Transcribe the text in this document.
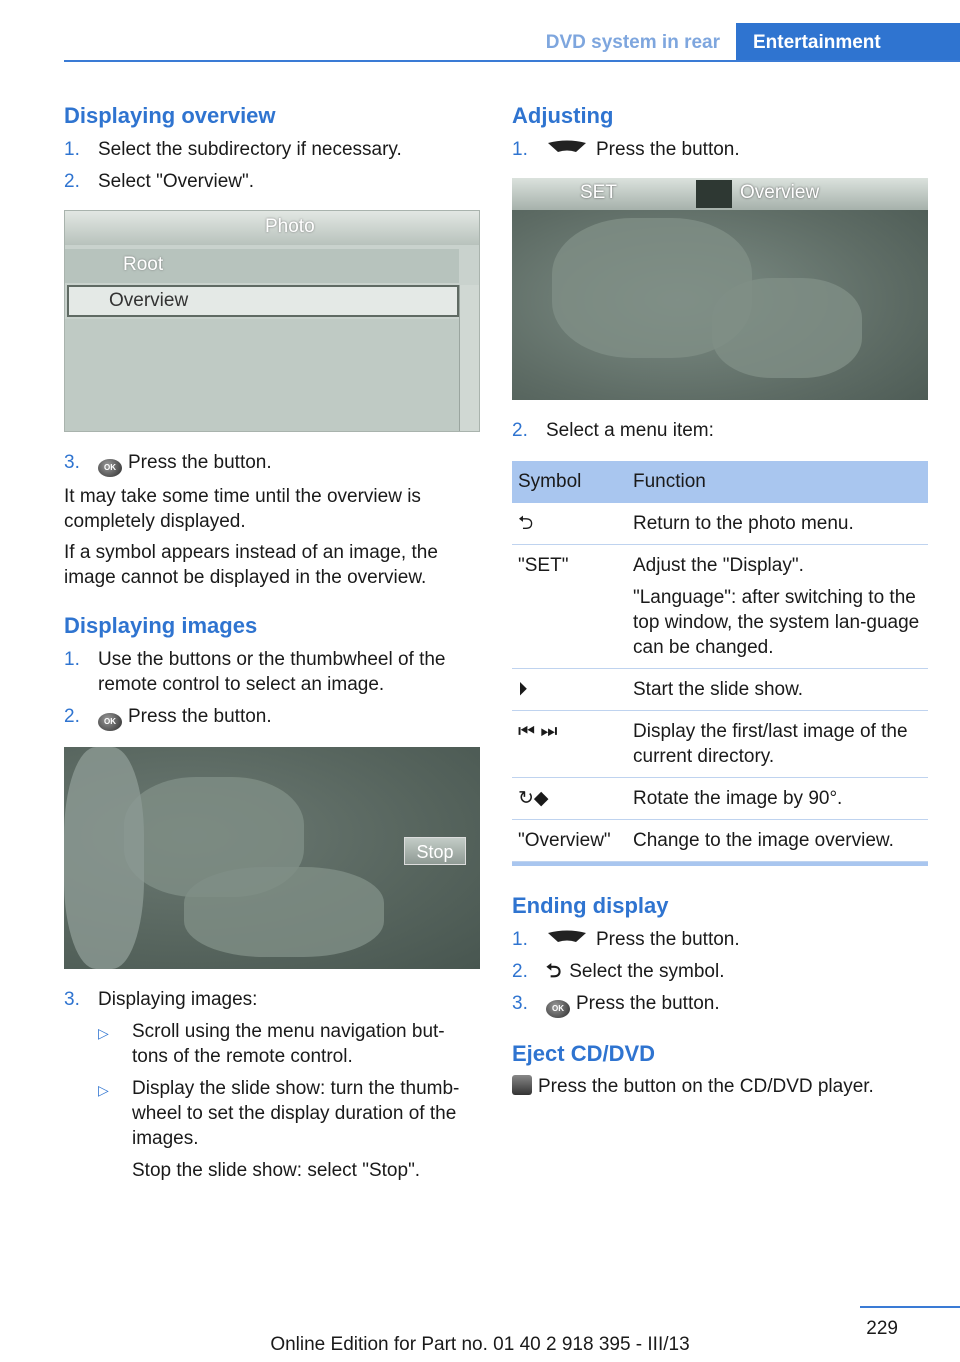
DVD system in rear	Entertainment
Displaying overview
1. Select the subdirectory if necessary.
2. Select "Overview".
Photo
Root
Overview
3.	OK Press the button.

It may take some time until the overview is completely displayed.

If a symbol appears instead of an image, the image cannot be displayed in the overview.

Displaying images
1. Use the buttons or the thumbwheel of the remote control to select an image.
2.	OK Press the button.
Stop
3. Displaying images:
▷	Scroll using the menu navigation but-tons of the remote control.
▷	Display the slide show: turn the thumb-wheel to set the display duration of the images.
Stop the slide show: select "Stop".
Adjusting
1.	Press the button.
SET	Overview
2. Select a menu item:
Symbol	Function
⮌	Return to the photo menu.

"SET"	Adjust the "Display".

"Language": after switching to the top window, the system lan-guage can be changed.

⏵	Start the slide show.

⏮ ⏭	Display the first/last image of the current directory.

↻◆	Rotate the image by 90°.

"Overview"	Change to the image overview.

Ending display
1.	Press the button.
2. ⮌ Select the symbol.
3.	OK Press the button.
Eject CD/DVD

Press the button on the CD/DVD player.

229
Online Edition for Part no. 01 40 2 918 395 - III/13
